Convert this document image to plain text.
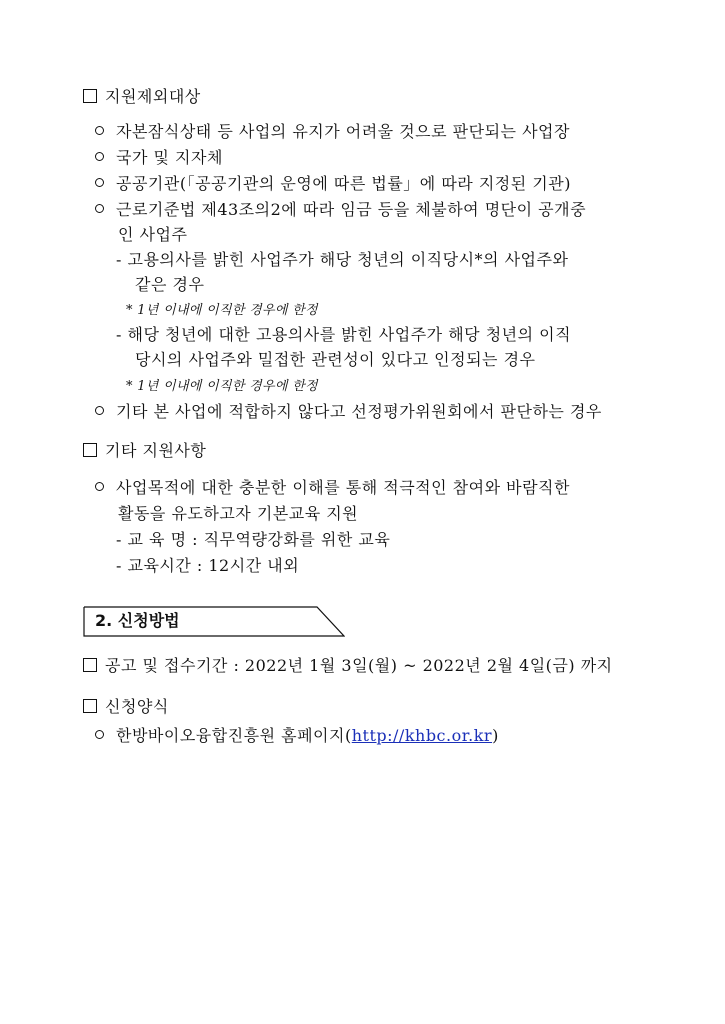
지원제외대상
자본잠식상태 등 사업의 유지가 어려울 것으로 판단되는 사업장
국가 및 지자체
공공기관(「공공기관의 운영에 따른 법률」에 따라 지정된 기관)
근로기준법 제43조의2에 따라 임금 등을 체불하여 명단이 공개중
인 사업주
- 고용의사를 밝힌 사업주가 해당 청년의 이직당시*의 사업주와
같은 경우
* 1년 이내에 이직한 경우에 한정
- 해당 청년에 대한 고용의사를 밝힌 사업주가 해당 청년의 이직
당시의 사업주와 밀접한 관련성이 있다고 인정되는 경우
* 1년 이내에 이직한 경우에 한정
기타 본 사업에 적합하지 않다고 선정평가위원회에서 판단하는 경우
기타 지원사항
사업목적에 대한 충분한 이해를 통해 적극적인 참여와 바람직한
활동을 유도하고자 기본교육 지원
- 교 육 명 : 직무역량강화를 위한 교육
- 교육시간 : 12시간 내외
2. 신청방법
공고 및 접수기간 : 2022년 1월 3일(월) ~ 2022년 2월 4일(금) 까지
신청양식
한방바이오융합진흥원 홈페이지(http://khbc.or.kr)
